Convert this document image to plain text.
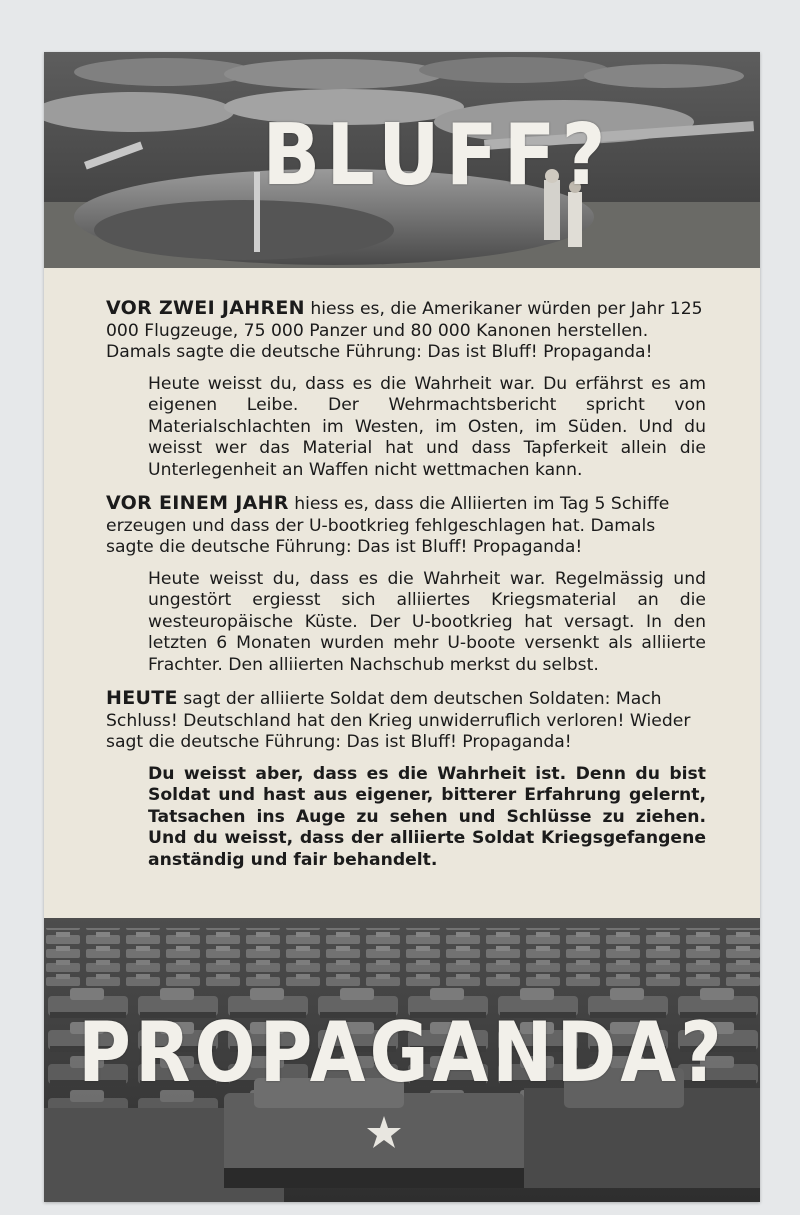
BLUFF?

VOR ZWEI JAHREN hiess es, die Amerikaner würden per Jahr 125 000 Flugzeuge, 75 000 Panzer und 80 000 Kanonen herstellen. Damals sagte die deutsche Führung: Das ist Bluff! Propaganda!

Heute weisst du, dass es die Wahrheit war. Du erfährst es am eigenen Leibe. Der Wehrmachtsbericht spricht von Materialschlachten im Westen, im Osten, im Süden. Und du weisst wer das Material hat und dass Tapferkeit allein die Unterlegenheit an Waffen nicht wettmachen kann.

VOR EINEM JAHR hiess es, dass die Alliierten im Tag 5 Schiffe erzeugen und dass der U-bootkrieg fehlgeschlagen hat. Damals sagte die deutsche Führung: Das ist Bluff! Propaganda!

Heute weisst du, dass es die Wahrheit war. Regelmässig und ungestört ergiesst sich alliiertes Kriegsmaterial an die westeuropäische Küste. Der U-bootkrieg hat versagt. In den letzten 6 Monaten wurden mehr U-boote versenkt als alliierte Frachter. Den alliierten Nachschub merkst du selbst.

HEUTE sagt der alliierte Soldat dem deutschen Soldaten: Mach Schluss! Deutschland hat den Krieg unwiderruflich verloren! Wieder sagt die deutsche Führung: Das ist Bluff! Propaganda!

Du weisst aber, dass es die Wahrheit ist. Denn du bist Soldat und hast aus eigener, bitterer Erfahrung gelernt, Tatsachen ins Auge zu sehen und Schlüsse zu ziehen. Und du weisst, dass der alliierte Soldat Kriegsgefangene anständig und fair behandelt.

PROPAGANDA?
